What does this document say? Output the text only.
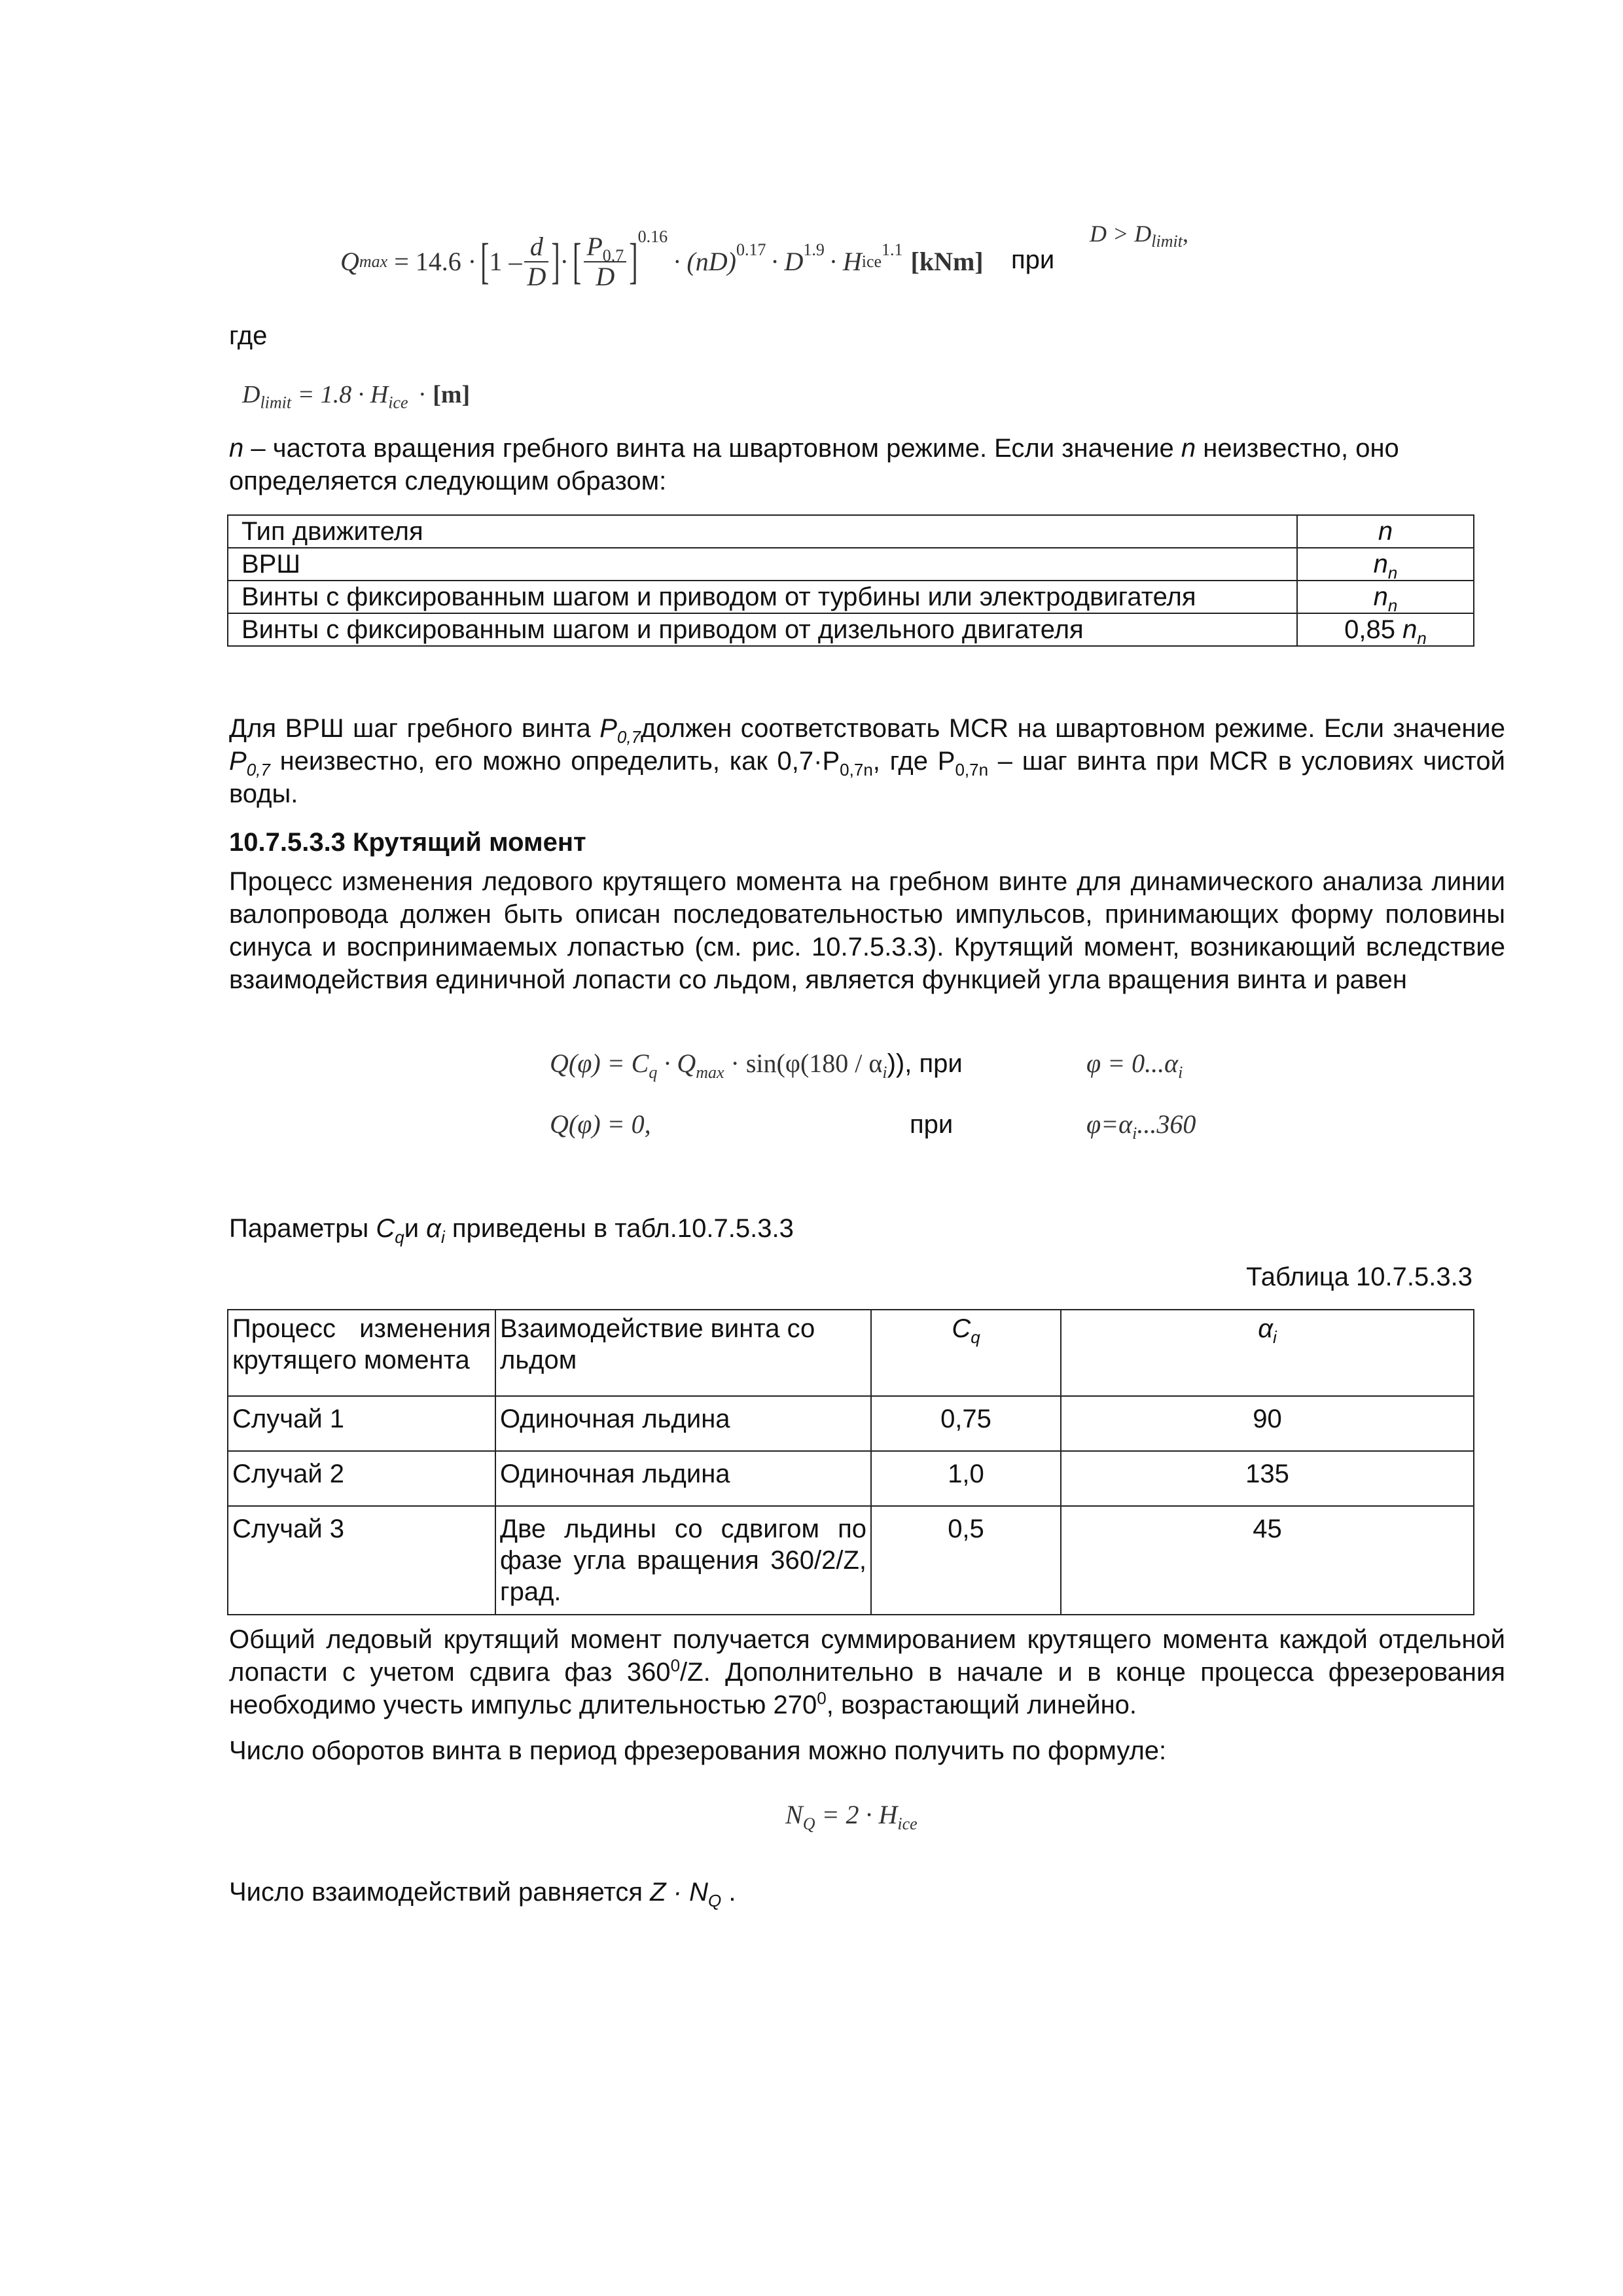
Q max = 14.6 · [ $1 - \frac{d}{D}$ ] · [ $\frac{P_{0.7}}{D} ]^{0.16}$
· $(nD)^{0.17} \cdot D^{1.9} \cdot H$ ice
$^{1.1}$ [kNm] при
$D > D_{limit}$,
где
$D_{limit} = 1.8 \cdot H_{ice} \cdot [m]$
n – частота вращения гребного винта на швартовном режиме. Если значение n неизвестно, оно определяется следующим образом:
Тип движителя	n
ВРШ	$n_n$
Винты с фиксированным шагом и приводом от турбины или электродвигателя	$n_n$
Винты с фиксированным шагом и приводом от дизельного двигателя	0,85 $n_n$
Для ВРШ шаг гребного винта $P_{0,7}должен$ соответствовать MCR на швартовном режиме. Если значение $P_{0,7}$ неизвестно, его можно определить, как $0,7\cdot P_{0,7n}$, где $P_{0,7n}$ – шаг винта при MCR в условиях чистой воды.
10.7.5.3.3 Крутящий момент
Процесс изменения ледового крутящего момента на гребном винте для динамического анализа линии валопровода должен быть описан последовательностью импульсов, принимающих форму половины синуса и воспринимаемых лопастью (см. рис. 10.7.5.3.3). Крутящий момент, возникающий вследствие взаимодействия единичной лопасти со льдом, является функцией угла вращения винта и равен
$Q(\varphi) = C_q \cdot Q_{max} \cdot \sin(\varphi(180 / \alpha_i))$, при	$\varphi = 0...\alpha_i$
Q(φ) = 0,	при	$\varphi=\alpha_i...360$
Параметры $C_qи$ $\alpha_i$ приведены в табл.10.7.5.3.3
Таблица 10.7.5.3.3
Процесс изменения крутящего момента	Взаимодействие винта со льдом	$C_q$	$\alpha_i$
Случай 1	Одиночная льдина	0,75	90
Случай 2	Одиночная льдина	1,0	135
Случай 3	Две льдины со сдвигом по фазе угла вращения 360/2/Z, град.	0,5	45
Общий ледовый крутящий момент получается суммированием крутящего момента каждой отдельной лопасти с учетом сдвига фаз $360^0/Z$. Дополнительно в начале и в конце процесса фрезерования необходимо учесть импульс длительностью $270^0$, возрастающий линейно.
Число оборотов винта в период фрезерования можно получить по формуле:
$N_Q = 2 \cdot H_{ice}$
Число взаимодействий равняется $Z \cdot N_Q$ .
